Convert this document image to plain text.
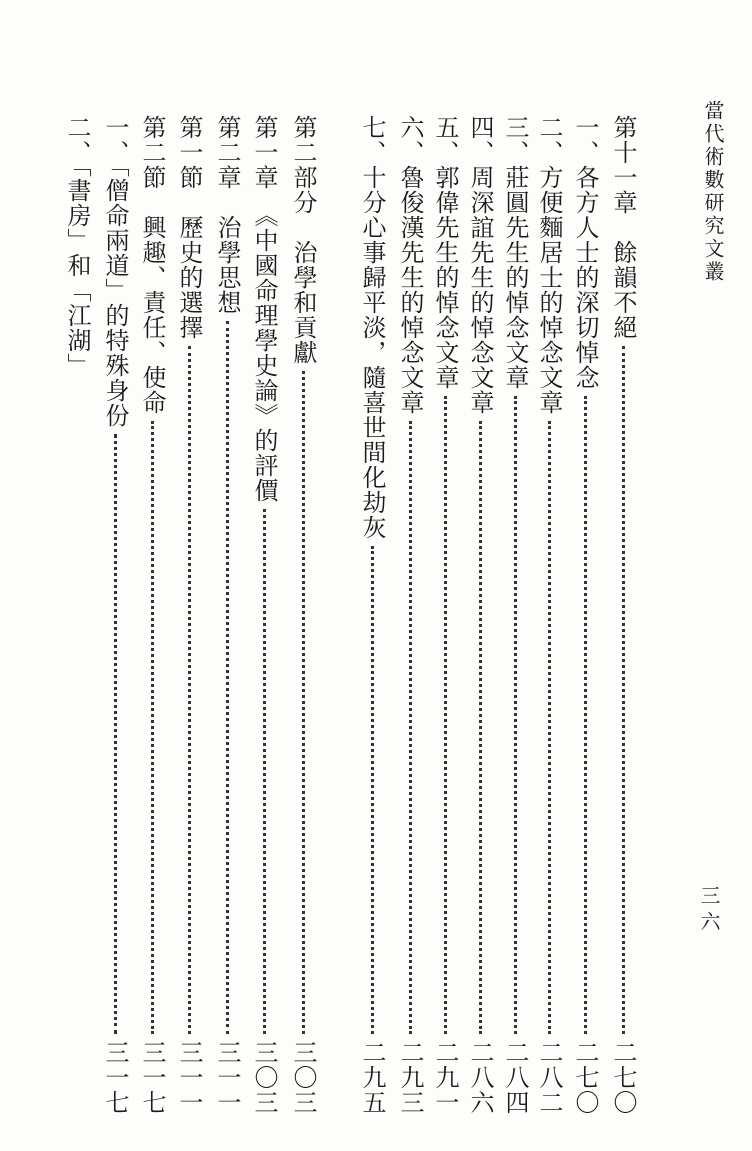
當代術數研究文叢
三六
第十一章　餘韻不絕
二七〇
一、各方人士的深切悼念
二七〇
二、方便麵居士的悼念文章
二八二
三、莊圓先生的悼念文章
二八四
四、周深誼先生的悼念文章
二八六
五、郭偉先生的悼念文章
二九一
六、魯俊漢先生的悼念文章
二九三
七、十分心事歸平淡，隨喜世間化劫灰
二九五
第二部分　治學和貢獻
三〇三
第一章　《中國命理學史論》的評價
三〇三
第二章　治學思想
三一一
第一節　歷史的選擇
三一一
第二節　興趣、責任、使命
三一七
一、「僧命兩道」的特殊身份
三一七
二、「書房」和「江湖」
